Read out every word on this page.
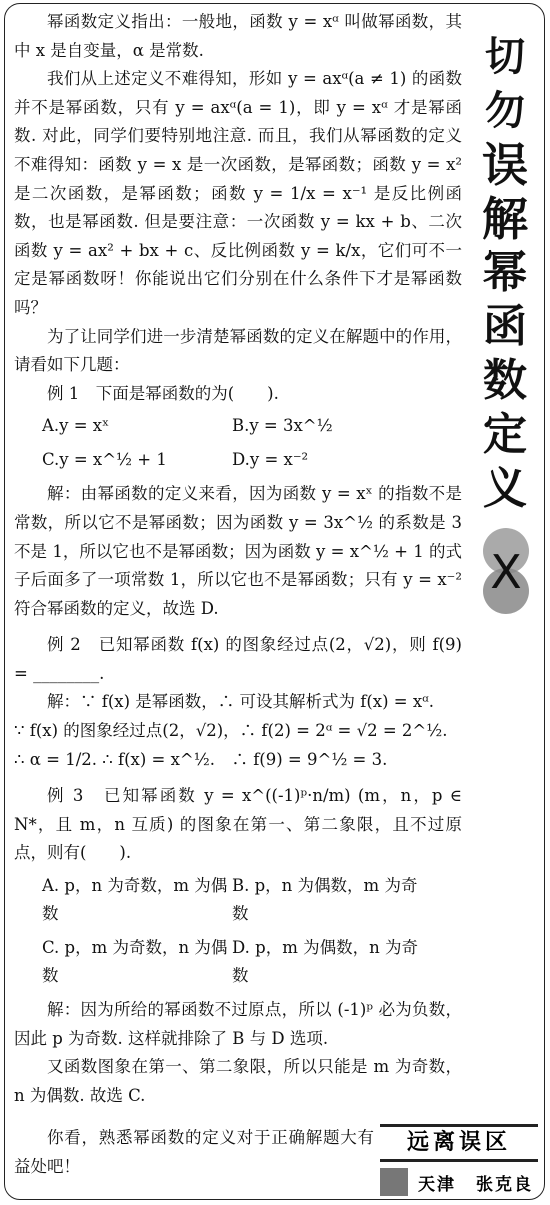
幂函数定义指出：一般地，函数 y = xᵅ 叫做幂函数，其中 x 是自变量，α 是常数.

我们从上述定义不难得知，形如 y = axᵅ(a ≠ 1) 的函数并不是幂函数，只有 y = axᵅ(a = 1)，即 y = xᵅ 才是幂函数. 对此，同学们要特别地注意. 而且，我们从幂函数的定义不难得知：函数 y = x 是一次函数，是幂函数；函数 y = x² 是二次函数，是幂函数；函数 y = 1/x = x⁻¹ 是反比例函数，也是幂函数. 但是要注意：一次函数 y = kx + b、二次函数 y = ax² + bx + c、反比例函数 y = k/x，它们可不一定是幂函数呀！你能说出它们分别在什么条件下才是幂函数吗？

为了让同学们进一步清楚幂函数的定义在解题中的作用，请看如下几题：

例 1　下面是幂函数的为(　　).

A.y = xˣ	B.y = 3x^½
C.y = x^½ + 1	D.y = x⁻²

解：由幂函数的定义来看，因为函数 y = xˣ 的指数不是常数，所以它不是幂函数；因为函数 y = 3x^½ 的系数是 3 不是 1，所以它也不是幂函数；因为函数 y = x^½ + 1 的式子后面多了一项常数 1，所以它也不是幂函数；只有 y = x⁻² 符合幂函数的定义，故选 D.

例 2　已知幂函数 f(x) 的图象经过点(2，√2)，则 f(9) = ________.

解：∵ f(x) 是幂函数，∴ 可设其解析式为 f(x) = xᵅ.

∵ f(x) 的图象经过点(2，√2)，∴ f(2) = 2ᵅ = √2 = 2^½.

∴ α = 1/2. ∴ f(x) = x^½.　∴ f(9) = 9^½ = 3.

例 3　已知幂函数 y = x^((-1)ᵖ·n/m) (m，n，p ∈ N*，且 m，n 互质) 的图象在第一、第二象限，且不过原点，则有(　　).

A. p，n 为奇数，m 为偶数
B. p，n 为偶数，m 为奇数
C. p，m 为奇数，n 为偶数
D. p，m 为偶数，n 为奇数

解：因为所给的幂函数不过原点，所以 (-1)ᵖ 必为负数，因此 p 为奇数. 这样就排除了 B 与 D 选项.

又函数图象在第一、第二象限，所以只能是 m 为奇数，n 为偶数. 故选 C.

你看，熟悉幂函数的定义对于正确解题大有益处吧！

切
勿
误
解
幂
函
数
定
义
X
远离误区
天津 张克良
